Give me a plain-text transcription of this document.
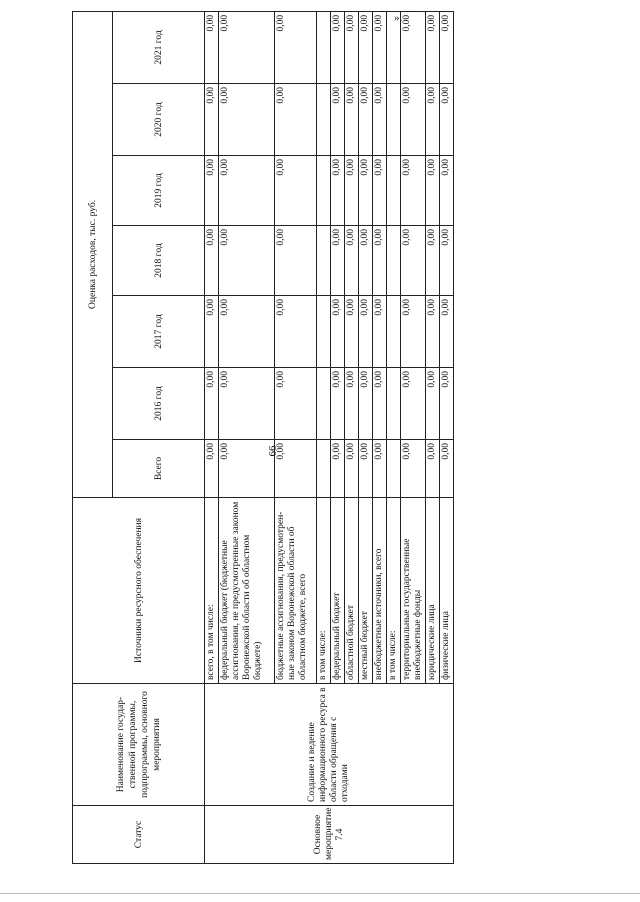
66
Статус	Наименование государ-ственной программы, подпрограммы, основного мероприятия	Источники ресурсного обеспечения	Оценка расходов, тыс. руб.						
			Всего	2016 год	2017 год	2018 год	2019 год	2020 год	2021 год
Основное мероприятие 7.4	Создание и ведение информационного ресурса в области обращения с отходами	всего, в том числе:	0,00	0,00	0,00	0,00	0,00	0,00	0,00
		федеральный бюджет (бюджетные ассигнования, не предусмотренные законом Воронежской области об областном бюджете)	0,00	0,00	0,00	0,00	0,00	0,00	0,00
		бюджетные ассигнования, предусмотрен-ные законом Воронежской области об областном бюджете, всего	0,00	0,00	0,00	0,00	0,00	0,00	0,00
		в том числе:							
		федеральный бюджет	0,00	0,00	0,00	0,00	0,00	0,00	0,00
		областной бюджет	0,00	0,00	0,00	0,00	0,00	0,00	0,00
		местный бюджет	0,00	0,00	0,00	0,00	0,00	0,00	0,00
		внебюджетные источники, всего	0,00	0,00	0,00	0,00	0,00	0,00	0,00
		в том числе:							
		территориальные государственные внебюджетные фонды	0,00	0,00	0,00	0,00	0,00	0,00	0,00
		юридические лица	0,00	0,00	0,00	0,00	0,00	0,00	0,00
		физические лица	0,00	0,00	0,00	0,00	0,00	0,00	0,00
».
